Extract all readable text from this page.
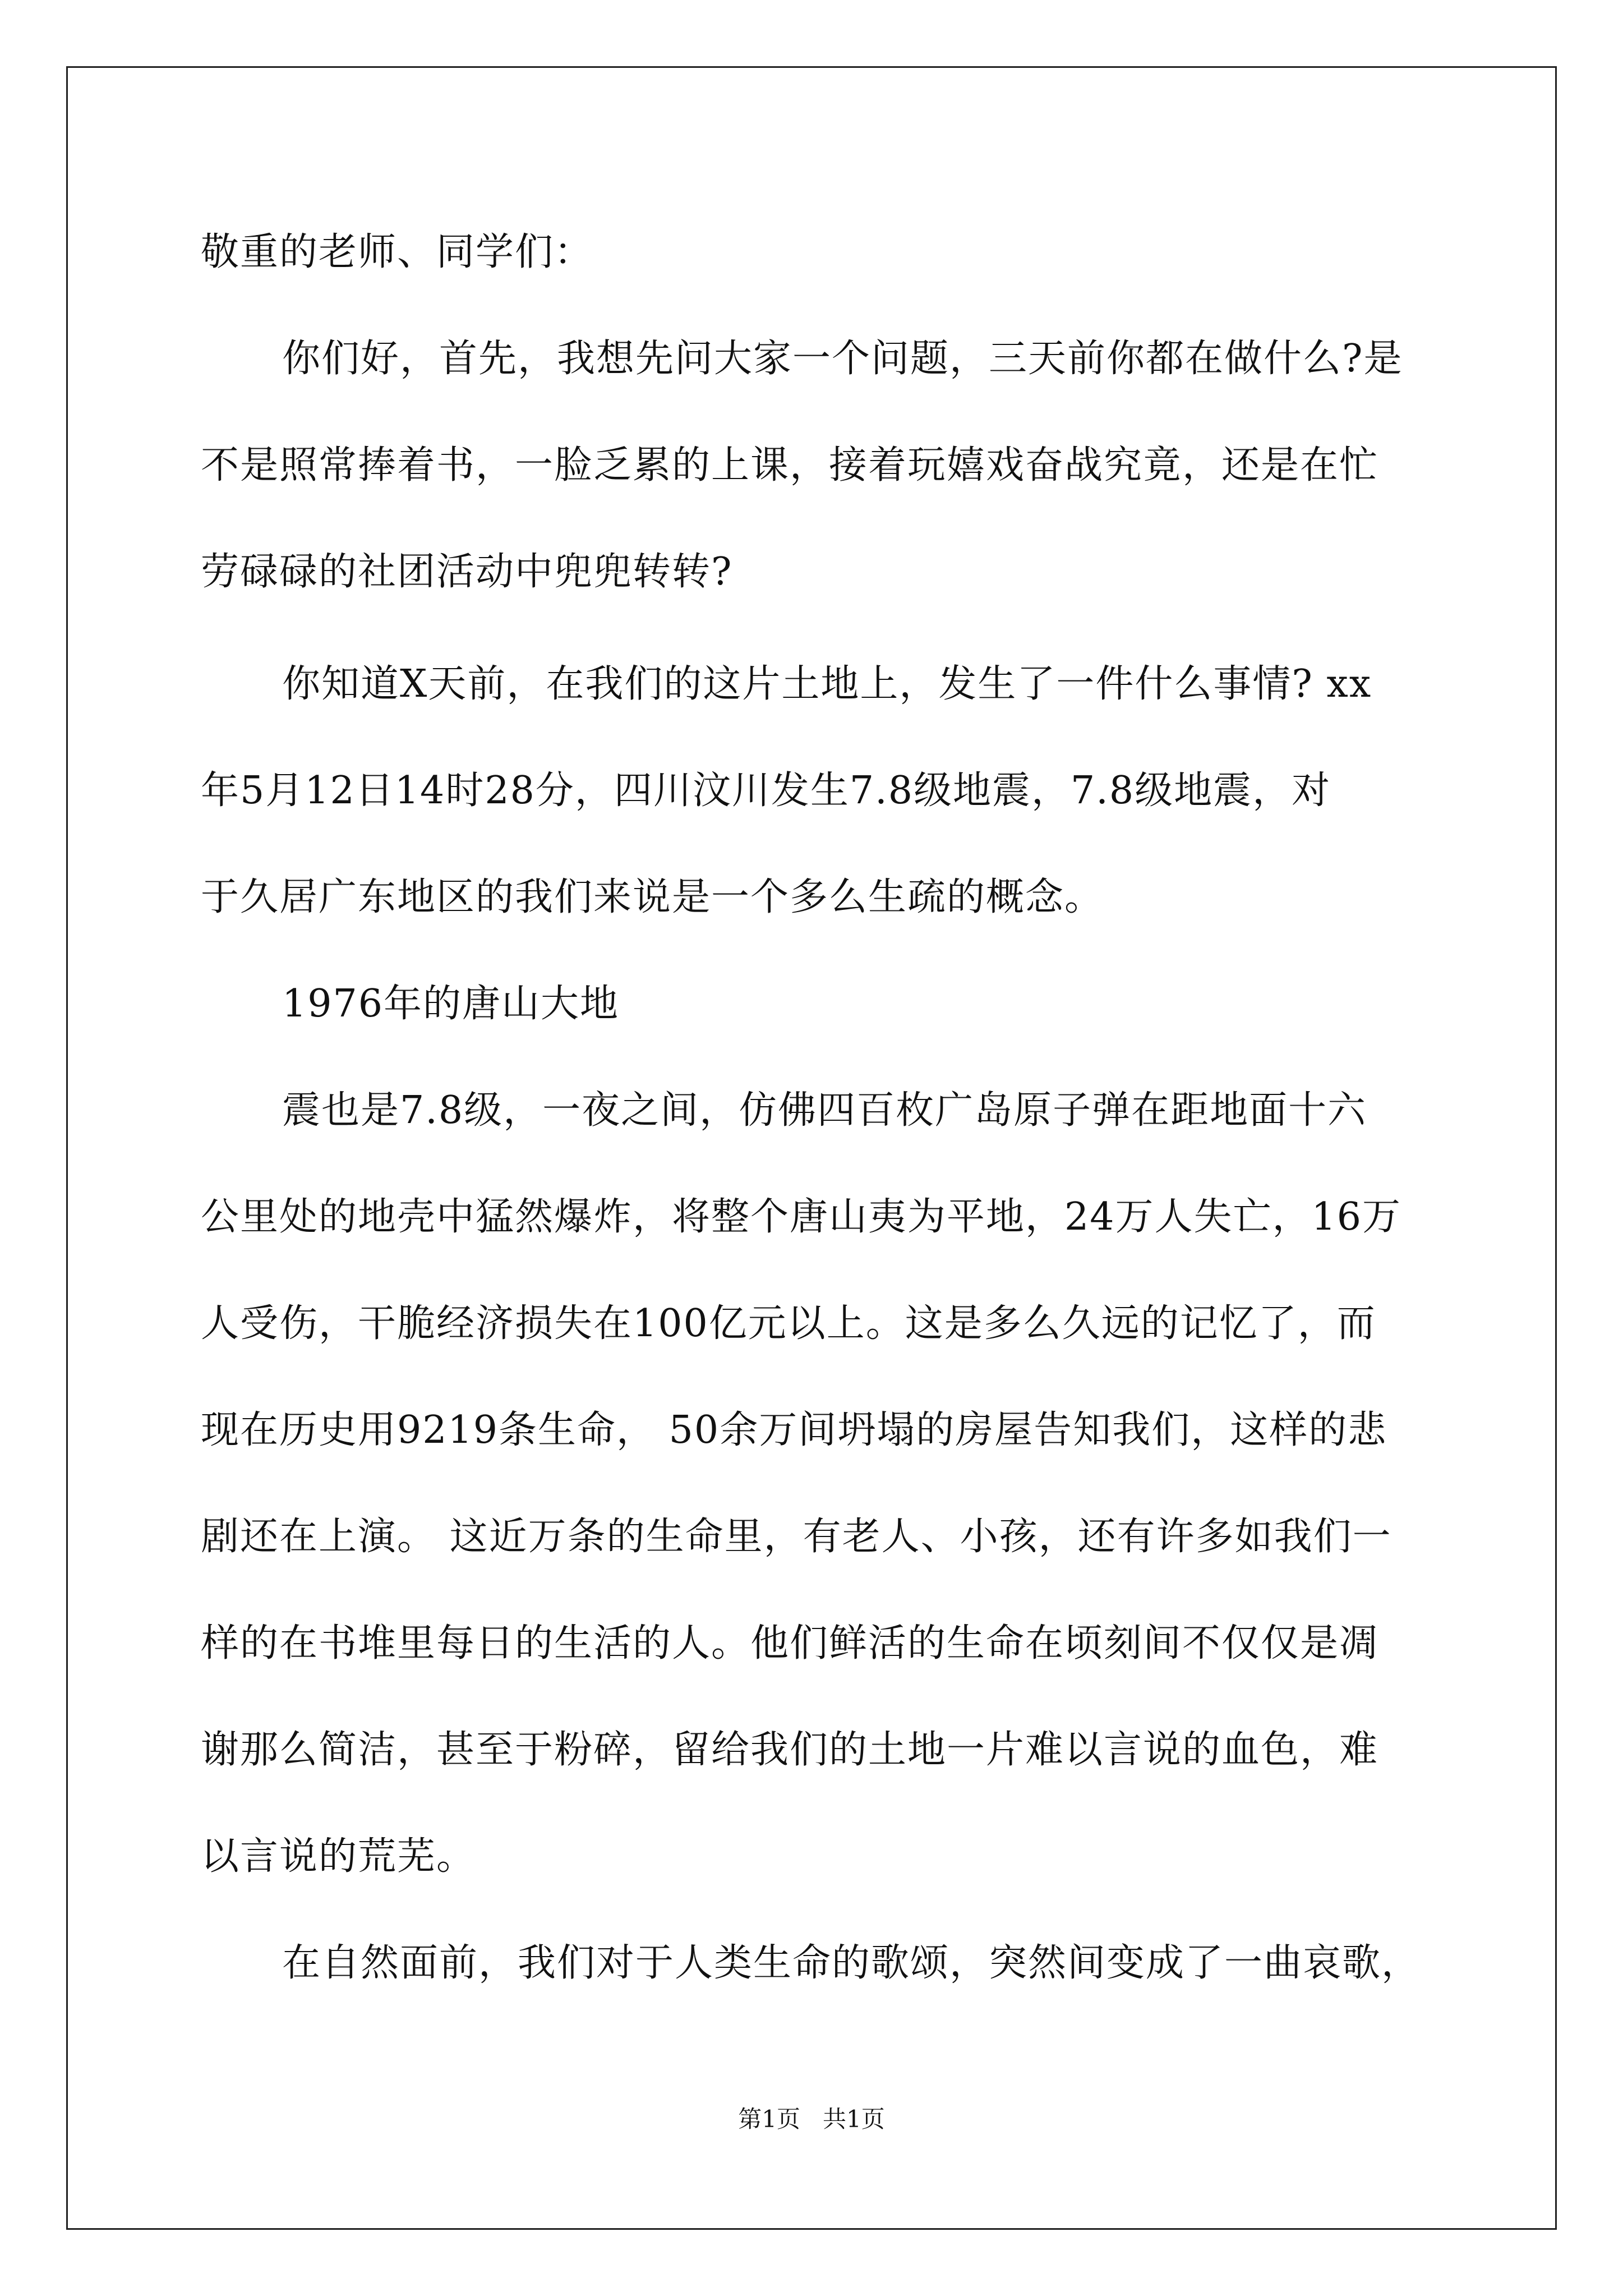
敬重的老师、同学们：
你们好，首先，我想先问大家一个问题，三天前你都在做什么?是
不是照常捧着书，一脸乏累的上课，接着玩嬉戏奋战究竟，还是在忙
劳碌碌的社团活动中兜兜转转?
你知道X天前，在我们的这片土地上，发生了一件什么事情? xx
年5月12日14时28分，四川汶川发生7.8级地震，7.8级地震，对
于久居广东地区的我们来说是一个多么生疏的概念。
1976年的唐山大地
震也是7.8级，一夜之间，仿佛四百枚广岛原子弹在距地面十六
公里处的地壳中猛然爆炸，将整个唐山夷为平地，24万人失亡，16万
人受伤，干脆经济损失在100亿元以上。这是多么久远的记忆了，而
现在历史用9219条生命， 50余万间坍塌的房屋告知我们，这样的悲
剧还在上演。 这近万条的生命里，有老人、小孩，还有许多如我们一
样的在书堆里每日的生活的人。他们鲜活的生命在顷刻间不仅仅是凋
谢那么简洁，甚至于粉碎，留给我们的土地一片难以言说的血色，难
以言说的荒芜。
在自然面前，我们对于人类生命的歌颂，突然间变成了一曲哀歌，
第1页   共1页
